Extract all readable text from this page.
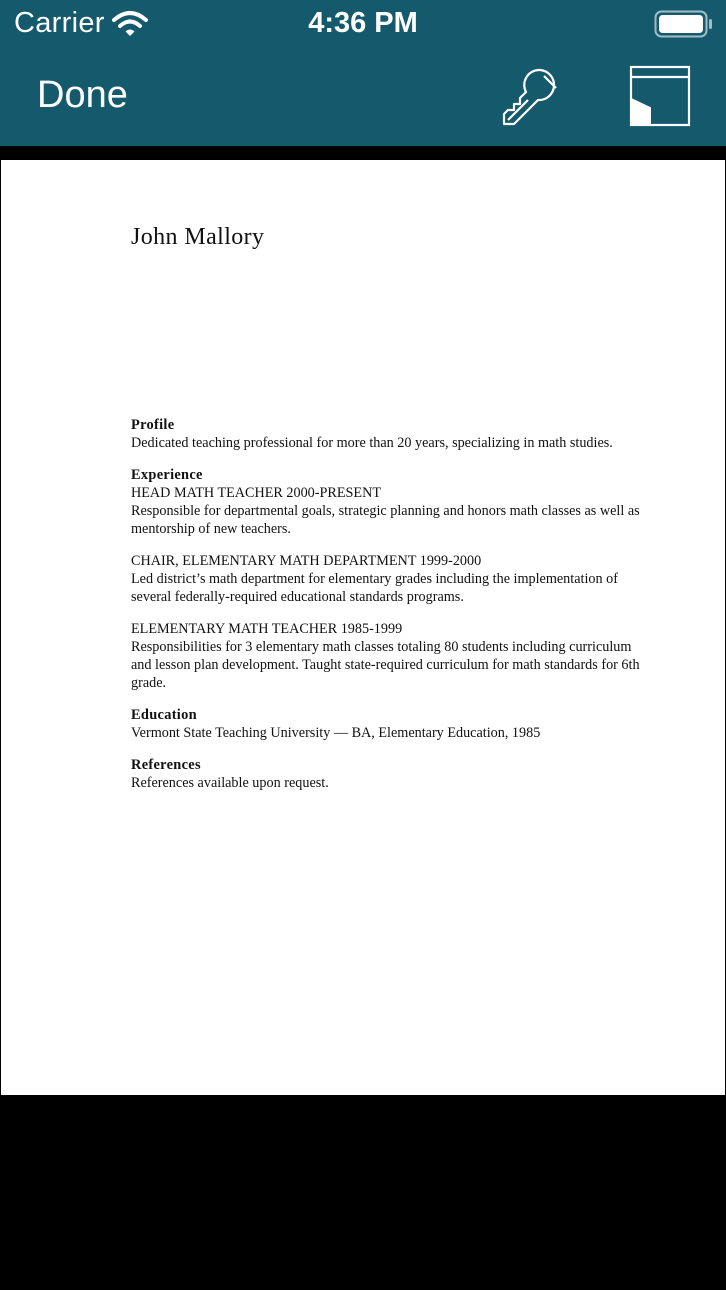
Carrier	4:36 PM
Done
John Mallory

Profile

Dedicated teaching professional for more than 20 years, specializing in math studies.

Experience

HEAD MATH TEACHER 2000-PRESENT

Responsible for departmental goals, strategic planning and honors math classes as well as mentorship of new teachers.

CHAIR, ELEMENTARY MATH DEPARTMENT 1999-2000

Led district’s math department for elementary grades including the implementation of several federally-required educational standards programs.

ELEMENTARY MATH TEACHER 1985-1999

Responsibilities for 3 elementary math classes totaling 80 students including curriculum and lesson plan development. Taught state-required curriculum for math standards for 6th grade.

Education

Vermont State Teaching University — BA, Elementary Education, 1985

References

References available upon request.
